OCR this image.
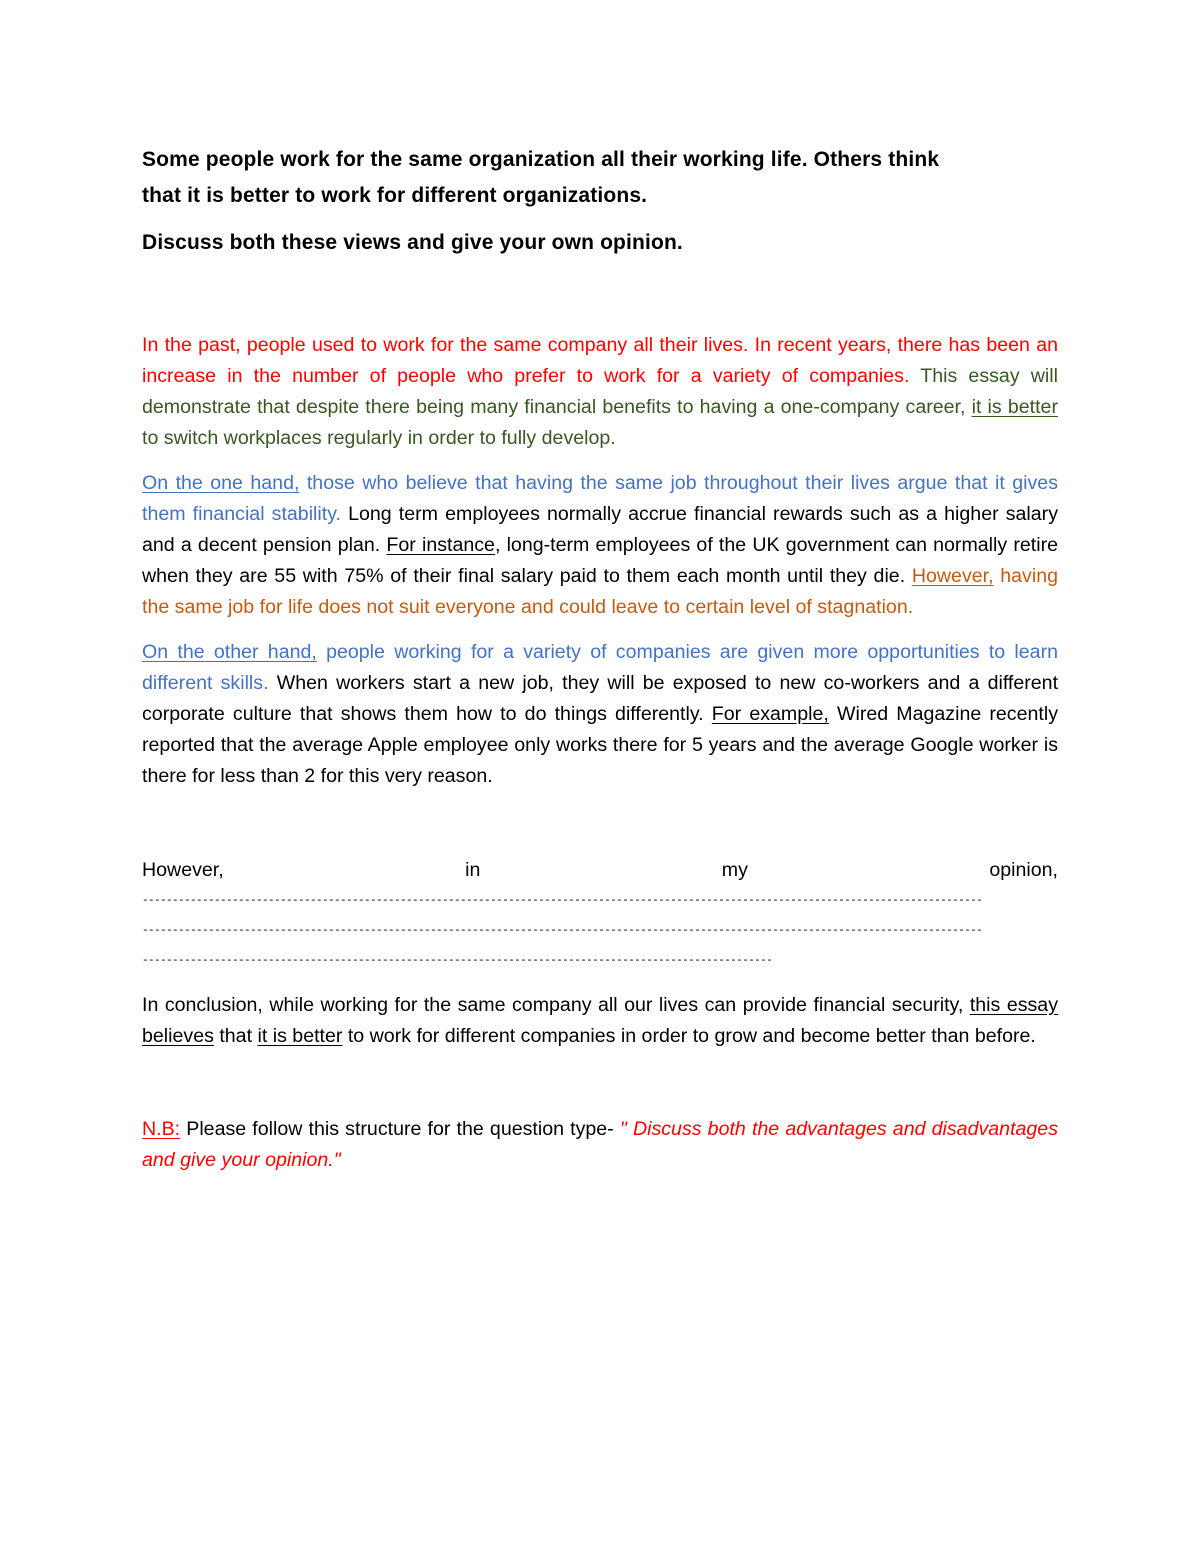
Some people work for the same organization all their working life. Others think

that it is better to work for different organizations.

Discuss both these views and give your own opinion.

In the past, people used to work for the same company all their lives. In recent years, there has been an increase in the number of people who prefer to work for a variety of companies. This essay will demonstrate that despite there being many financial benefits to having a one-company career, it is better to switch workplaces regularly in order to fully develop.

On the one hand, those who believe that having the same job throughout their lives argue that it gives them financial stability. Long term employees normally accrue financial rewards such as a higher salary and a decent pension plan. For instance, long-term employees of the UK government can normally retire when they are 55 with 75% of their final salary paid to them each month until they die. However, having the same job for life does not suit everyone and could leave to certain level of stagnation.

On the other hand, people working for a variety of companies are given more opportunities to learn different skills. When workers start a new job, they will be exposed to new co-workers and a different corporate culture that shows them how to do things differently. For example, Wired Magazine recently reported that the average Apple employee only works there for 5 years and the average Google worker is there for less than 2 for this very reason.

However,	in	my	opinion,
--------------------------------------------------------------------------------------------------------------------------------------------
--------------------------------------------------------------------------------------------------------------------------------------------
---------------------------------------------------------------------------------------------------------

In conclusion, while working for the same company all our lives can provide financial security, this essay believes that it is better to work for different companies in order to grow and become better than before.

N.B: Please follow this structure for the question type- " Discuss both the advantages and disadvantages and give your opinion."
